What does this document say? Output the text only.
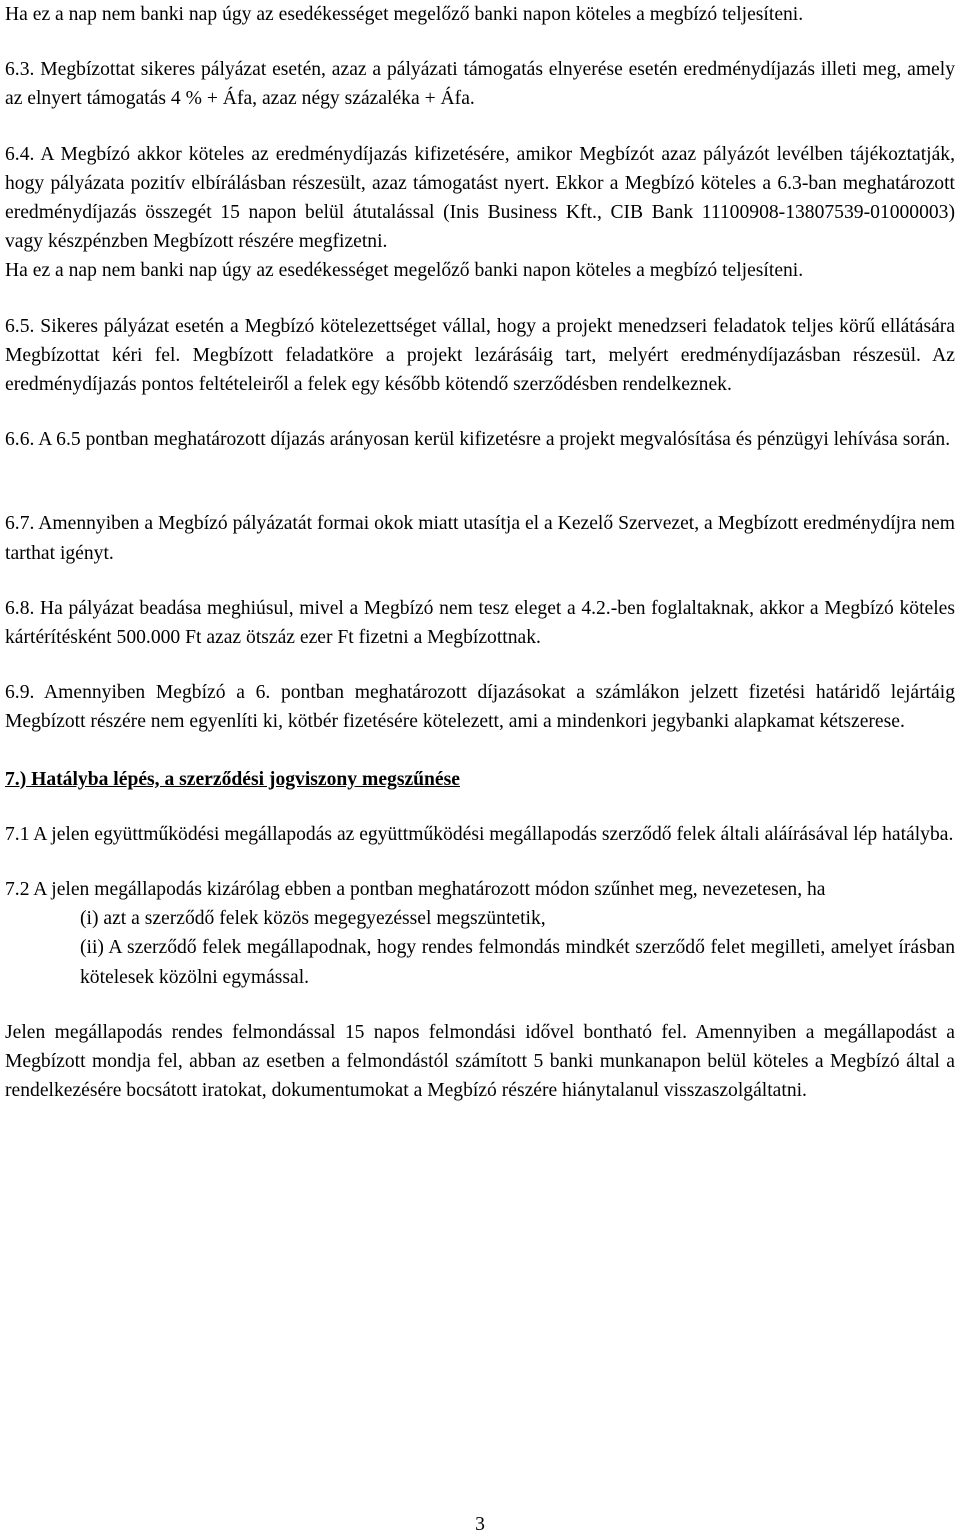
Ha ez a nap nem banki nap úgy az esedékességet megelőző banki napon köteles a megbízó teljesíteni.

6.3. Megbízottat sikeres pályázat esetén, azaz a pályázati támogatás elnyerése esetén eredménydíjazás illeti meg, amely az elnyert támogatás 4 % + Áfa, azaz négy százaléka + Áfa.

6.4. A Megbízó akkor köteles az eredménydíjazás kifizetésére, amikor Megbízót azaz pályázót levélben tájékoztatják, hogy pályázata pozitív elbírálásban részesült, azaz támogatást nyert. Ekkor a Megbízó köteles a 6.3-ban meghatározott eredménydíjazás összegét 15 napon belül átutalással (Inis Business Kft., CIB Bank 11100908-13807539-01000003) vagy készpénzben Megbízott részére megfizetni.

Ha ez a nap nem banki nap úgy az esedékességet megelőző banki napon köteles a megbízó teljesíteni.

6.5. Sikeres pályázat esetén a Megbízó kötelezettséget vállal, hogy a projekt menedzseri feladatok teljes körű ellátására Megbízottat kéri fel. Megbízott feladatköre a projekt lezárásáig tart, melyért eredménydíjazásban részesül. Az eredménydíjazás pontos feltételeiről a felek egy később kötendő szerződésben rendelkeznek.

6.6. A 6.5 pontban meghatározott díjazás arányosan kerül kifizetésre a projekt megvalósítása és pénzügyi lehívása során.

6.7. Amennyiben a Megbízó pályázatát formai okok miatt utasítja el a Kezelő Szervezet, a Megbízott eredménydíjra nem tarthat igényt.

6.8. Ha pályázat beadása meghiúsul, mivel a Megbízó nem tesz eleget a 4.2.-ben foglaltaknak, akkor a Megbízó köteles kártérítésként 500.000 Ft azaz ötszáz ezer Ft fizetni a Megbízottnak.

6.9. Amennyiben Megbízó a 6. pontban meghatározott díjazásokat a számlákon jelzett fizetési határidő lejártáig Megbízott részére nem egyenlíti ki, kötbér fizetésére kötelezett, ami a mindenkori jegybanki alapkamat kétszerese.

7.) Hatályba lépés, a szerződési jogviszony megszűnése

7.1 A jelen együttműködési megállapodás az együttműködési megállapodás szerződő felek általi aláírásával lép hatályba.

7.2 A jelen megállapodás kizárólag ebben a pontban meghatározott módon szűnhet meg, nevezetesen, ha

(i) azt a szerződő felek közös megegyezéssel megszüntetik,

(ii) A szerződő felek megállapodnak, hogy rendes felmondás mindkét szerződő felet megilleti, amelyet írásban kötelesek közölni egymással.

Jelen megállapodás rendes felmondással 15 napos felmondási idővel bontható fel. Amennyiben a megállapodást a Megbízott mondja fel, abban az esetben a felmondástól számított 5 banki munkanapon belül köteles a Megbízó által a rendelkezésére bocsátott iratokat, dokumentumokat a Megbízó részére hiánytalanul visszaszolgáltatni.

3
